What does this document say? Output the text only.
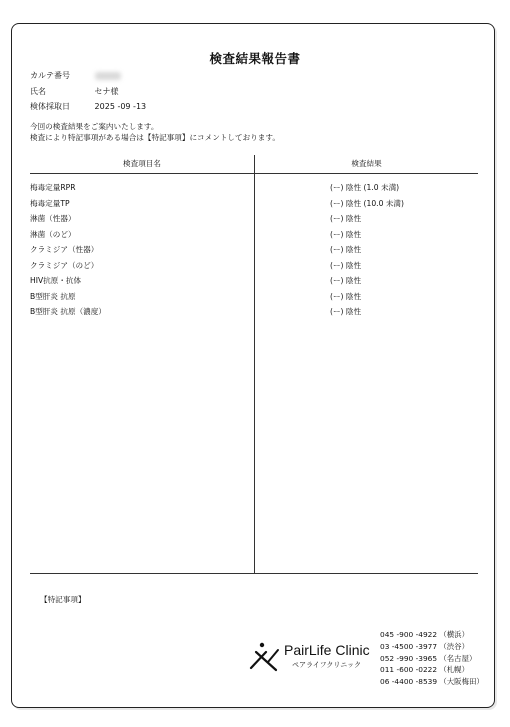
検査結果報告書
カルテ番号
氏名	セナ様
検体採取日	2025 -09 -13
今回の検査結果をご案内いたします。
検査により特記事項がある場合は【特記事項】にコメントしております。
検査項目名	検査結果
梅毒定量RPR	(ー) 陰性 (1.0 未満)
梅毒定量TP	(ー) 陰性 (10.0 未満)
淋菌（性器）	(ー) 陰性
淋菌（のど）	(ー) 陰性
クラミジア（性器）	(ー) 陰性
クラミジア（のど）	(ー) 陰性
HIV抗原・抗体	(ー) 陰性
B型肝炎 抗原	(ー) 陰性
B型肝炎 抗原（濃度）	(ー) 陰性
【特記事項】
PairLife Clinic
ペアライフクリニック
045 -900 -4922 （横浜）
03 -4500 -3977 （渋谷）
052 -990 -3965 （名古屋）
011 -600 -0222 （札幌）
06 -4400 -8539 （大阪梅田）
